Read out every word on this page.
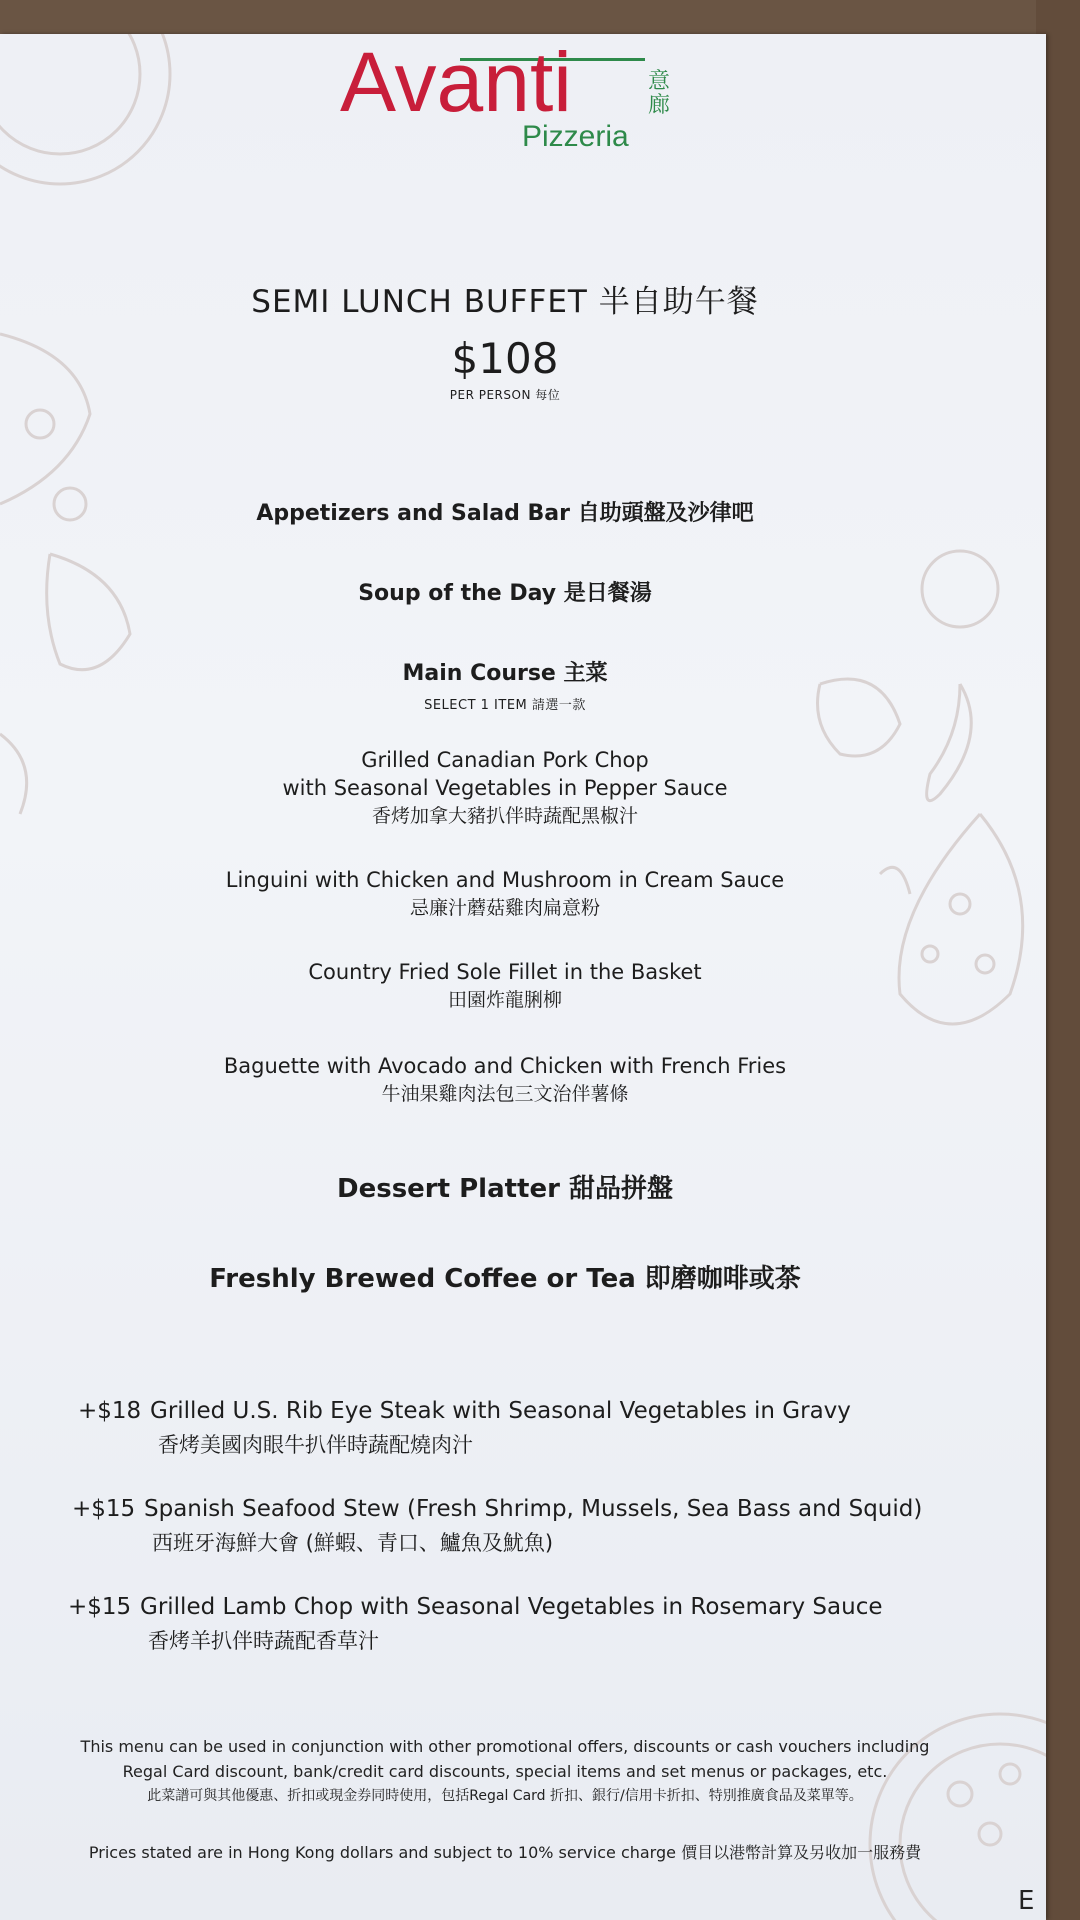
Avanti	意廊
Pizzeria
SEMI LUNCH BUFFET 半自助午餐
$108
PER PERSON 每位
Appetizers and Salad Bar 自助頭盤及沙律吧
Soup of the Day 是日餐湯
Main Course 主菜
SELECT 1 ITEM 請選一款
Grilled Canadian Pork Chop
with Seasonal Vegetables in Pepper Sauce
香烤加拿大豬扒伴時蔬配黑椒汁
Linguini with Chicken and Mushroom in Cream Sauce
忌廉汁蘑菇雞肉扁意粉
Country Fried Sole Fillet in the Basket
田園炸龍脷柳
Baguette with Avocado and Chicken with French Fries
牛油果雞肉法包三文治伴薯條
Dessert Platter 甜品拼盤
Freshly Brewed Coffee or Tea 即磨咖啡或茶
+$18 Grilled U.S. Rib Eye Steak with Seasonal Vegetables in Gravy
香烤美國肉眼牛扒伴時蔬配燒肉汁
+$15 Spanish Seafood Stew (Fresh Shrimp, Mussels, Sea Bass and Squid)
西班牙海鮮大會 (鮮蝦、青口、鱸魚及魷魚)
+$15 Grilled Lamb Chop with Seasonal Vegetables in Rosemary Sauce
香烤羊扒伴時蔬配香草汁
This menu can be used in conjunction with other promotional offers, discounts or cash vouchers including
Regal Card discount, bank/credit card discounts, special items and set menus or packages, etc.
此菜譜可與其他優惠、折扣或現金券同時使用，包括Regal Card 折扣、銀行/信用卡折扣、特別推廣食品及菜單等。
Prices stated are in Hong Kong dollars and subject to 10% service charge 價目以港幣計算及另收加一服務費
E
